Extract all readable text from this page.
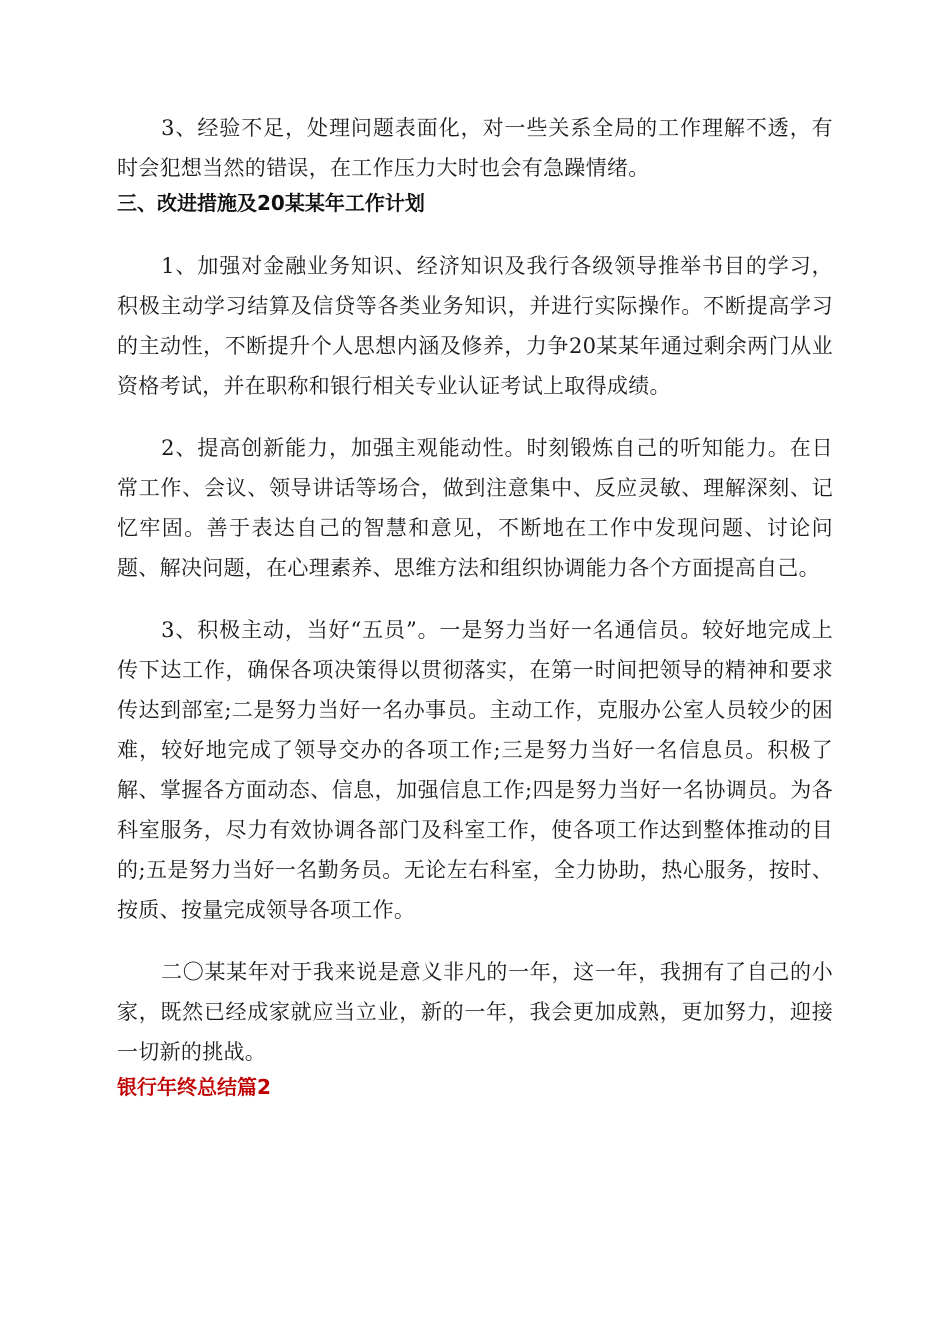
3、经验不足，处理问题表面化，对一些关系全局的工作理解不透，有时会犯想当然的错误，在工作压力大时也会有急躁情绪。

三、改进措施及20某某年工作计划

1、加强对金融业务知识、经济知识及我行各级领导推举书目的学习，积极主动学习结算及信贷等各类业务知识，并进行实际操作。不断提高学习的主动性，不断提升个人思想内涵及修养，力争20某某年通过剩余两门从业资格考试，并在职称和银行相关专业认证考试上取得成绩。

2、提高创新能力，加强主观能动性。时刻锻炼自己的听知能力。在日常工作、会议、领导讲话等场合，做到注意集中、反应灵敏、理解深刻、记忆牢固。善于表达自己的智慧和意见，不断地在工作中发现问题、讨论问题、解决问题，在心理素养、思维方法和组织协调能力各个方面提高自己。

3、积极主动，当好“五员”。一是努力当好一名通信员。较好地完成上传下达工作，确保各项决策得以贯彻落实，在第一时间把领导的精神和要求传达到部室;二是努力当好一名办事员。主动工作，克服办公室人员较少的困难，较好地完成了领导交办的各项工作;三是努力当好一名信息员。积极了解、掌握各方面动态、信息，加强信息工作;四是努力当好一名协调员。为各科室服务，尽力有效协调各部门及科室工作，使各项工作达到整体推动的目的;五是努力当好一名勤务员。无论左右科室，全力协助，热心服务，按时、按质、按量完成领导各项工作。

二〇某某年对于我来说是意义非凡的一年，这一年，我拥有了自己的小家，既然已经成家就应当立业，新的一年，我会更加成熟，更加努力，迎接一切新的挑战。

银行年终总结篇2
